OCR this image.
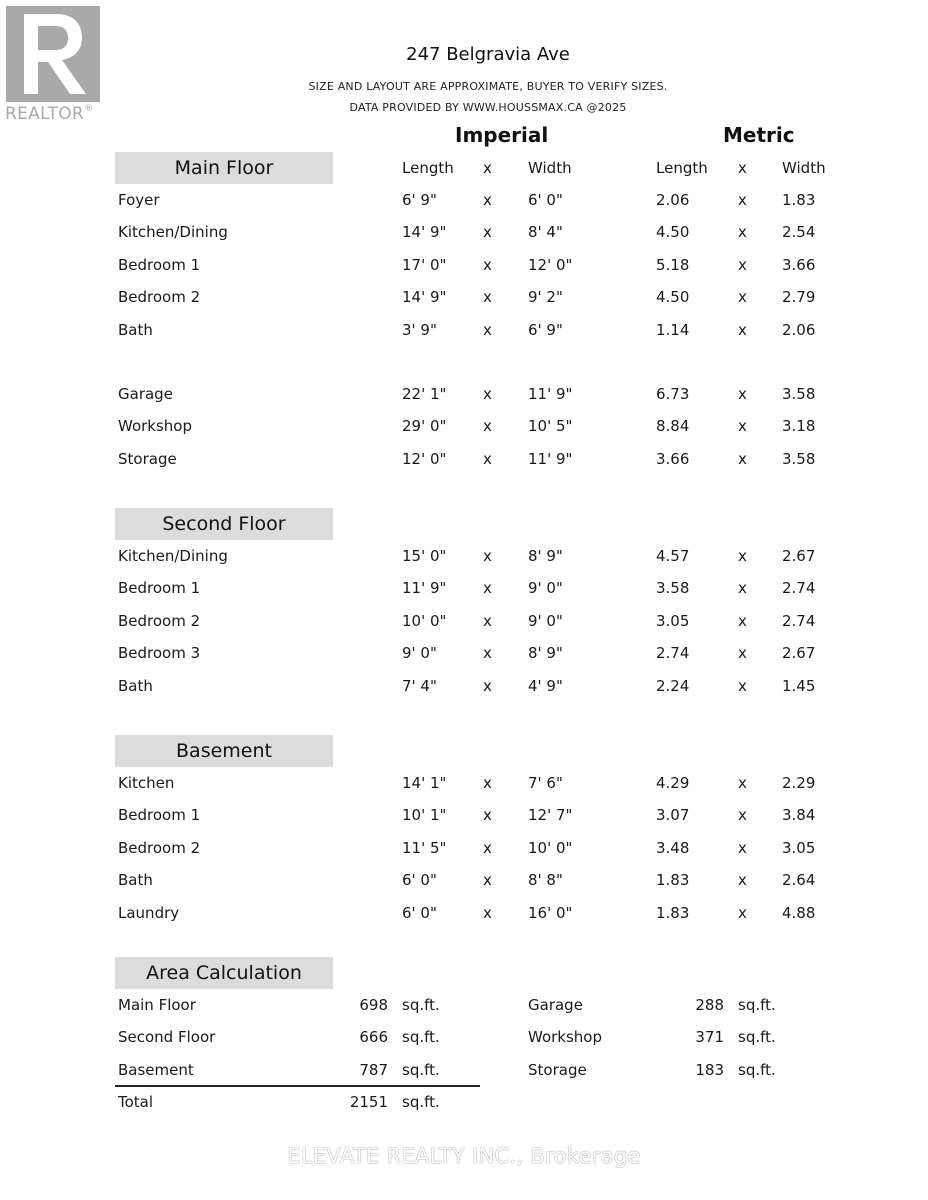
REALTOR®
247 Belgravia Ave
SIZE AND LAYOUT ARE APPROXIMATE, BUYER TO VERIFY SIZES.
DATA PROVIDED BY WWW.HOUSSMAX.CA @2025
Imperial	Metric
Main Floor	Length x Width	Length x Width
Foyer	6' 9"	x 6' 0"	2.06	x 1.83
Kitchen/Dining	14' 9" x 8' 4"	4.50	x 2.54
Bedroom 1	17' 0" x 12' 0"	5.18	x 3.66
Bedroom 2	14' 9" x 9' 2"	4.50	x 2.79
Bath	3' 9"	x 6' 9"	1.14	x 2.06
Garage	22' 1" x 11' 9"	6.73	x 3.58
Workshop	29' 0" x 10' 5"	8.84	x 3.18
Storage	12' 0" x 11' 9"	3.66	x 3.58
Kitchen/Dining	15' 0" x 8' 9"	4.57	x 2.67
Bedroom 1	11' 9" x 9' 0"	3.58	x 2.74
Bedroom 2	10' 0" x 9' 0"	3.05	x 2.74
Bedroom 3	9' 0"	x 8' 9"	2.74	x 2.67
Bath	7' 4"	x 4' 9"	2.24	x 1.45
Kitchen	14' 1" x 7' 6"	4.29	x 2.29
Bedroom 1	10' 1" x 12' 7"	3.07	x 3.84
Bedroom 2	11' 5" x 10' 0"	3.48	x 3.05
Bath	6' 0"	x 8' 8"	1.83	x 2.64
Laundry	6' 0"	x 16' 0"	1.83	x 4.88
Second Floor
Basement
Area Calculation
Main Floor	698 sq.ft.	Garage	288 sq.ft.
Second Floor	666 sq.ft.	Workshop	371 sq.ft.
Basement	787 sq.ft.	Storage	183 sq.ft.
Total	2151 sq.ft.
ELEVATE REALTY INC., Brokerage
